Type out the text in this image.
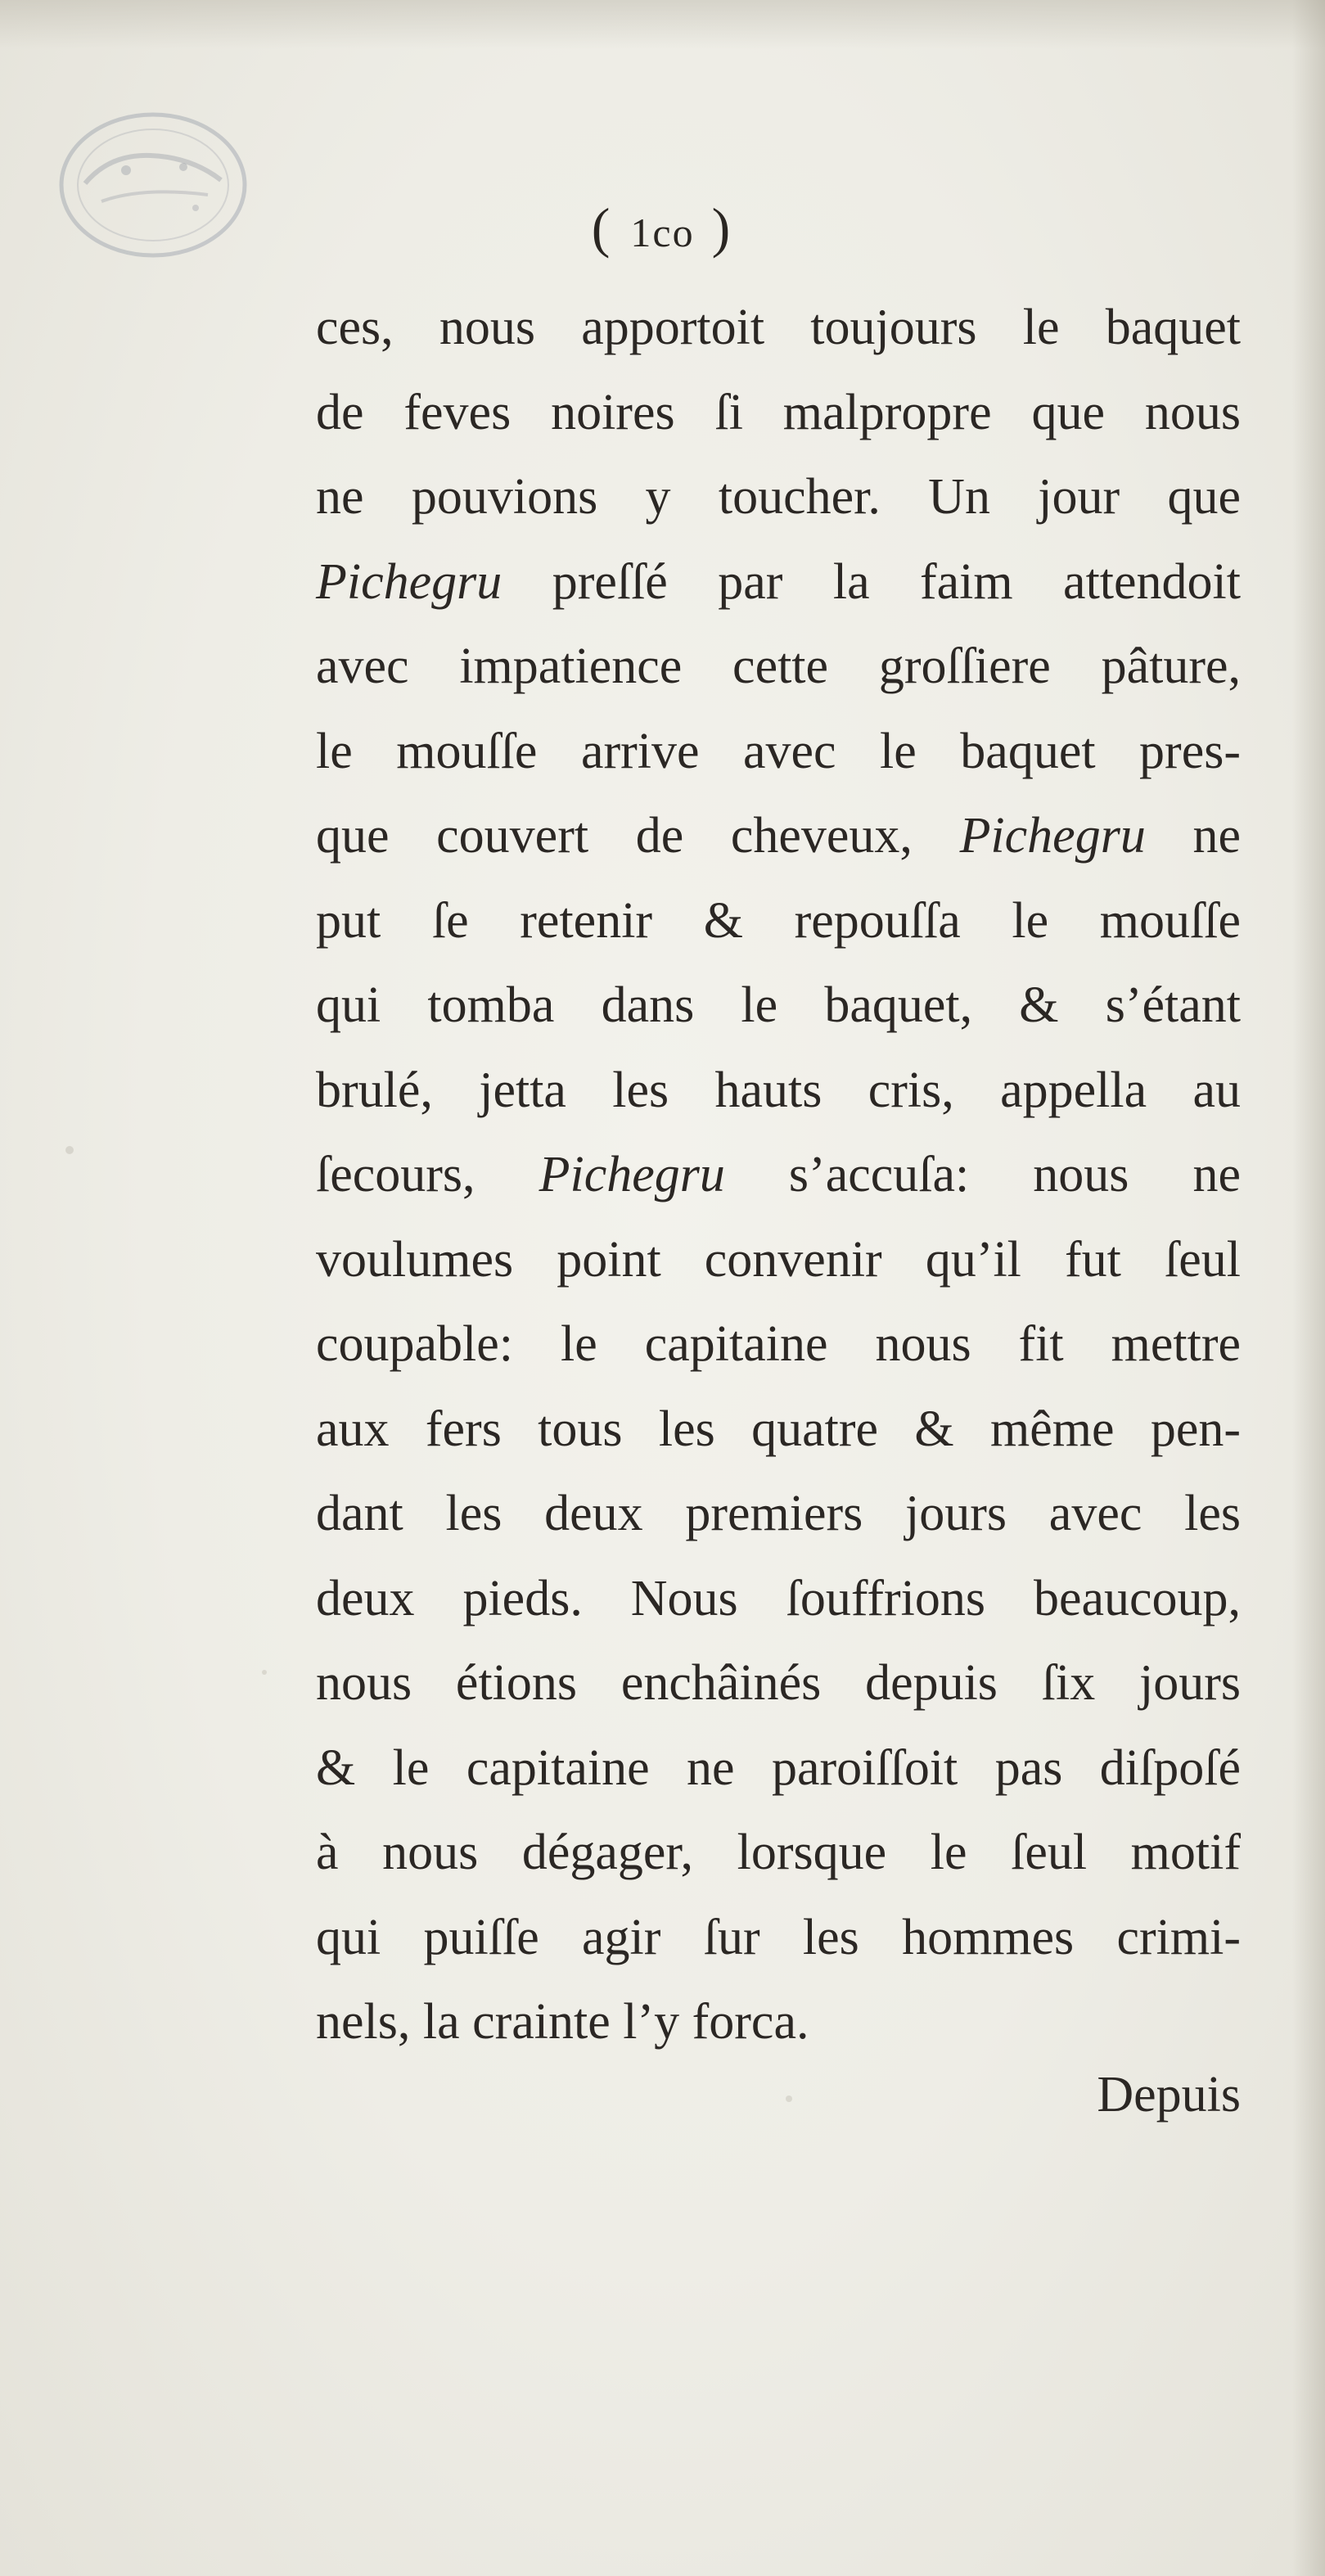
( 1co )
ces, nous apportoit toujours le baquet
de feves noires ſi malpropre que nous
ne pouvions y toucher. Un jour que
Pichegru preſſé par la faim attendoit
avec impatience cette groſſiere pâture,
le mouſſe arrive avec le baquet pres-
que couvert de cheveux, Pichegru ne
put ſe retenir & repouſſa le mouſſe
qui tomba dans le baquet, & s’étant
brulé, jetta les hauts cris, appella au
ſecours, Pichegru s’accuſa: nous ne
voulumes point convenir qu’il fut ſeul
coupable: le capitaine nous fit mettre
aux fers tous les quatre & même pen-
dant les deux premiers jours avec les
deux pieds. Nous ſouffrions beaucoup,
nous étions enchâinés depuis ſix jours
& le capitaine ne paroiſſoit pas diſpoſé
à nous dégager, lorsque le ſeul motif
qui puiſſe agir ſur les hommes crimi-
nels, la crainte l’y forca.
Depuis
